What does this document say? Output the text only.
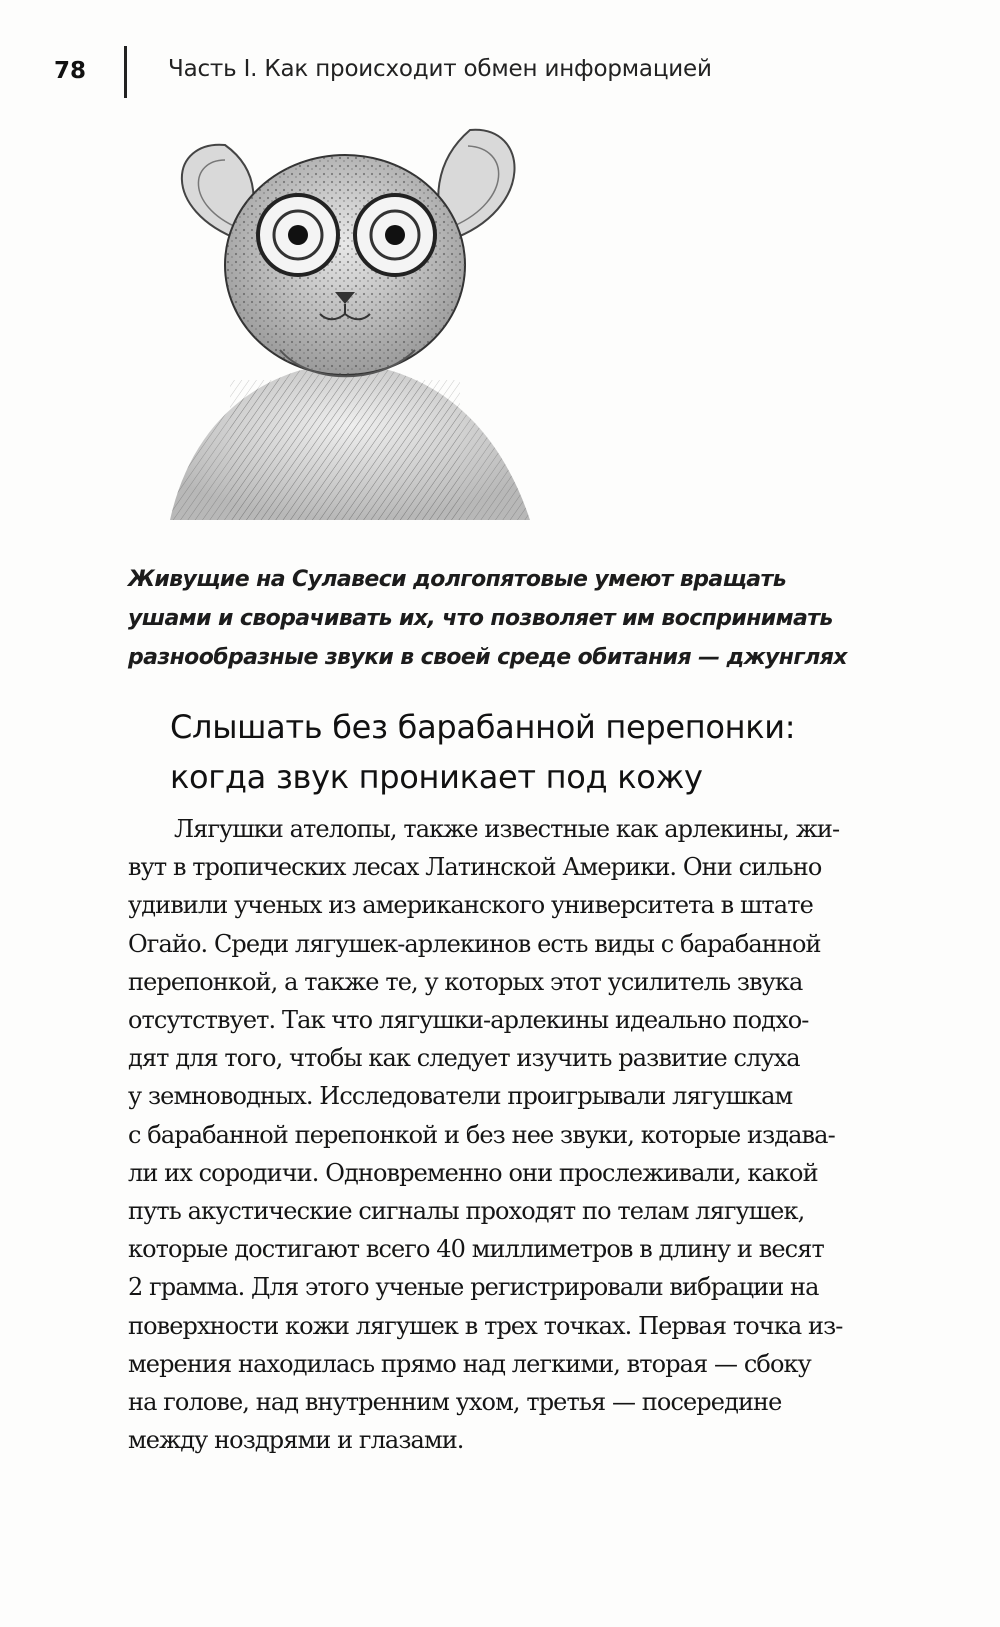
78	Часть I. Как происходит обмен информацией
Живущие на Сулавеси долгопятовые умеют вращать
ушами и сворачивать их, что позволяет им воспринимать
разнообразные звуки в своей среде обитания — джунглях
Слышать без барабанной перепонки:
когда звук проникает под кожу
Лягушки ателопы, также известные как арлекины, жи-
вут в тропических лесах Латинской Америки. Они сильно
удивили ученых из американского университета в штате
Огайо. Среди лягушек-арлекинов есть виды с барабанной
перепонкой, а также те, у которых этот усилитель звука
отсутствует. Так что лягушки-арлекины идеально подхо-
дят для того, чтобы как следует изучить развитие слуха
у земноводных. Исследователи проигрывали лягушкам
с барабанной перепонкой и без нее звуки, которые издава-
ли их сородичи. Одновременно они прослеживали, какой
путь акустические сигналы проходят по телам лягушек,
которые достигают всего 40 миллиметров в длину и весят
2 грамма. Для этого ученые регистрировали вибрации на
поверхности кожи лягушек в трех точках. Первая точка из-
мерения находилась прямо над легкими, вторая — сбоку
на голове, над внутренним ухом, третья — посередине
между ноздрями и глазами.
